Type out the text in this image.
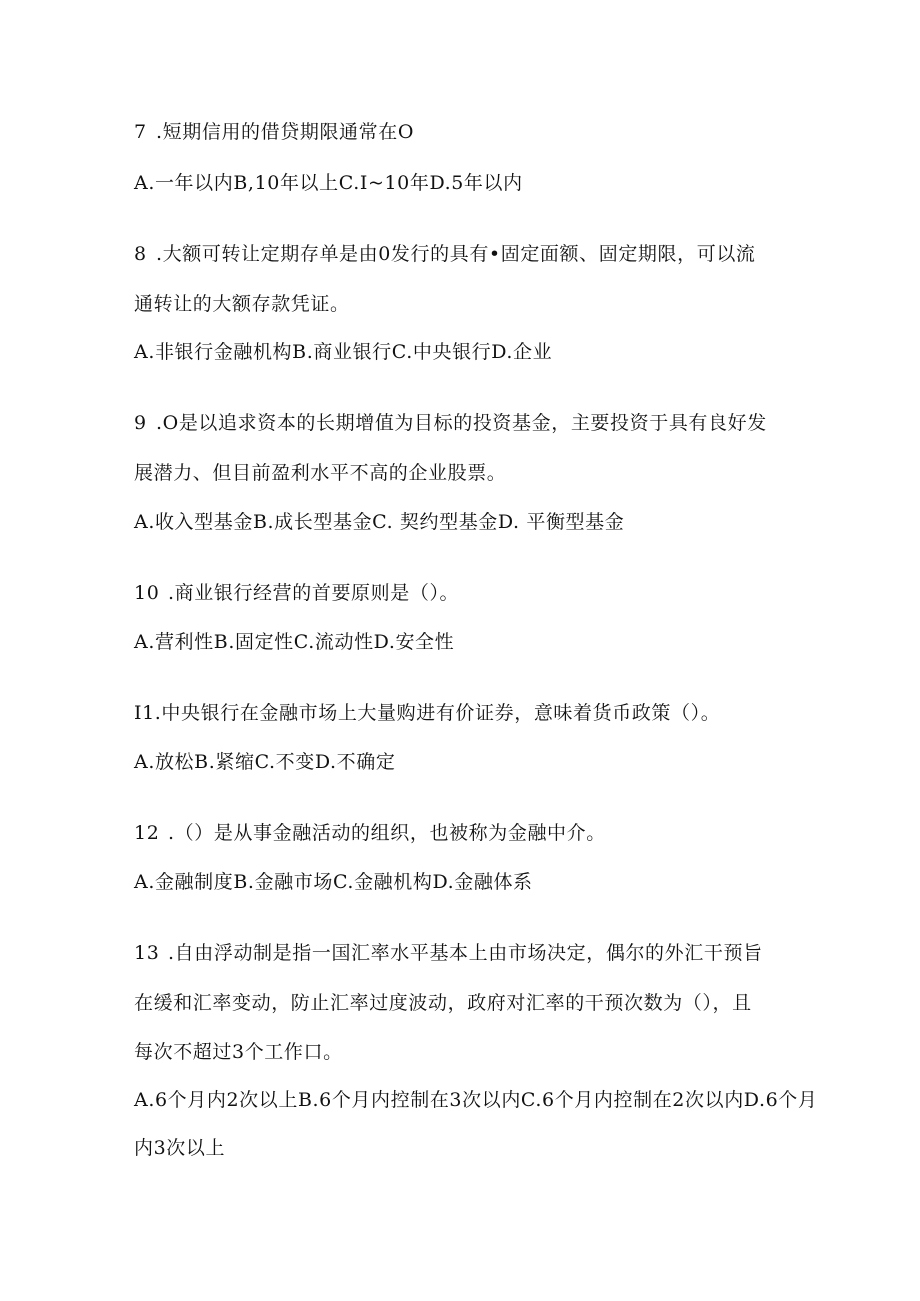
7 .短期信用的借贷期限通常在O
A.一年以内B,10年以上C.I~10年D.5年以内
8 .大额可转让定期存单是由0发行的具有•固定面额、固定期限，可以流
通转让的大额存款凭证。
A.非银行金融机构B.商业银行C.中央银行D.企业
9 .O是以追求资本的长期增值为目标的投资基金，主要投资于具有良好发
展潜力、但目前盈利水平不高的企业股票。
A.收入型基金B.成长型基金C. 契约型基金D. 平衡型基金
10 .商业银行经营的首要原则是（）。
A.营利性B.固定性C.流动性D.安全性
I1.中央银行在金融市场上大量购进有价证券，意味着货币政策（）。
A.放松B.紧缩C.不变D.不确定
12 .（）是从事金融活动的组织，也被称为金融中介。
A.金融制度B.金融市场C.金融机构D.金融体系
13 .自由浮动制是指一国汇率水平基本上由市场决定，偶尔的外汇干预旨
在缓和汇率变动，防止汇率过度波动，政府对汇率的干预次数为（），且
每次不超过3个工作口。
A.6个月内2次以上B.6个月内控制在3次以内C.6个月内控制在2次以内D.6个月
内3次以上
